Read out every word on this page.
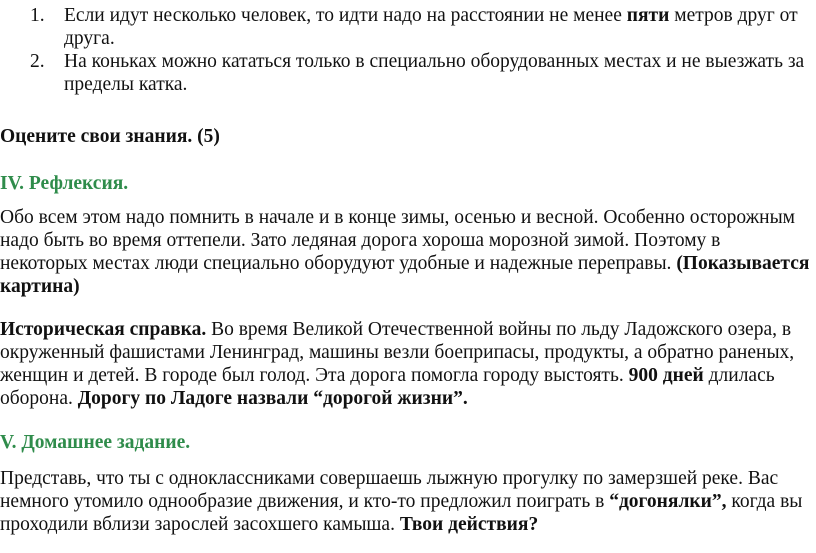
1. Если идут несколько человек, то идти надо на расстоянии не менее пяти метров друг от друга.
2. На коньках можно кататься только в специально оборудованных местах и не выезжать за пределы катка.

Оцените свои знания. (5)

IV. Рефлексия.

Обо всем этом надо помнить в начале и в конце зимы, осенью и весной. Особенно осторожным надо быть во время оттепели. Зато ледяная дорога хороша морозной зимой. Поэтому в некоторых местах люди специально оборудуют удобные и надежные переправы. (Показывается картина)

Историческая справка. Во время Великой Отечественной войны по льду Ладожского озера, в окруженный фашистами Ленинград, машины везли боеприпасы, продукты, а обратно раненых, женщин и детей. В городе был голод. Эта дорога помогла городу выстоять. 900 дней длилась оборона. Дорогу по Ладоге назвали “дорогой жизни”.

V. Домашнее задание.

Представь, что ты с одноклассниками совершаешь лыжную прогулку по замерзшей реке. Вас немного утомило однообразие движения, и кто-то предложил поиграть в “догонялки”, когда вы проходили вблизи зарослей засохшего камыша. Твои действия?
